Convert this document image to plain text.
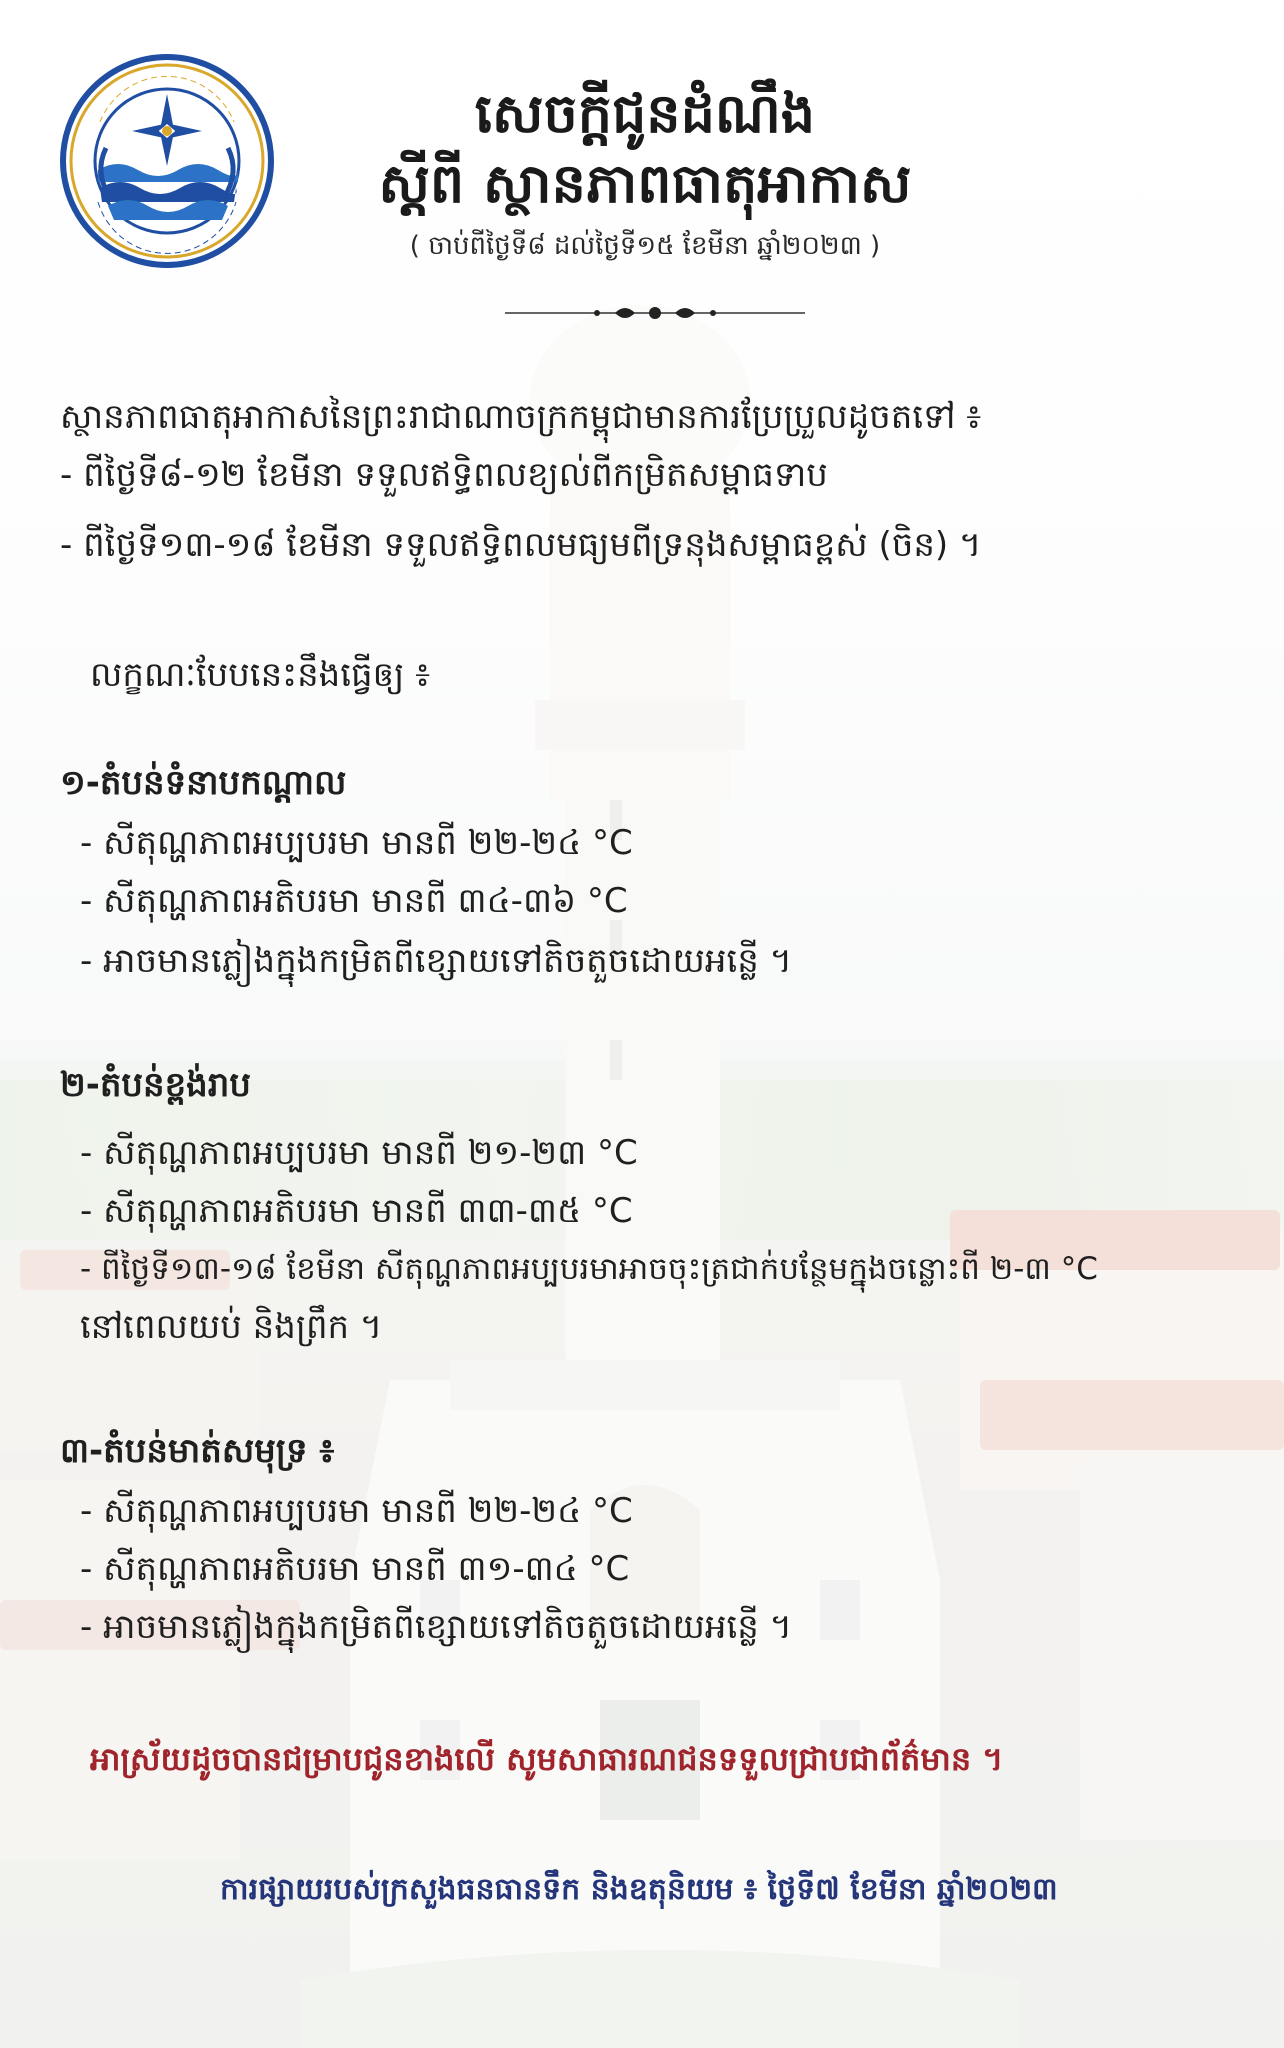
សេចក្តីជូនដំណឹង
ស្តីពី ស្ថានភាពធាតុអាកាស
( ចាប់ពីថ្ងៃទី៨ ដល់ថ្ងៃទី១៥ ខែមីនា ឆ្នាំ២០២៣ )
ស្ថានភាពធាតុអាកាសនៃព្រះរាជាណាចក្រកម្ពុជាមានការប្រែប្រួលដូចតទៅ ៖
- ពីថ្ងៃទី៨-១២ ខែមីនា ទទួលឥទ្ធិពលខ្យល់ពីកម្រិតសម្ពាធទាប
- ពីថ្ងៃទី១៣-១៨ ខែមីនា ទទួលឥទ្ធិពលមធ្យមពីទ្រនុងសម្ពាធខ្ពស់ (ចិន) ។
លក្ខណៈបែបនេះនឹងធ្វើឲ្យ ៖
១-តំបន់ទំនាបកណ្តាល
- សីតុណ្ហភាពអប្បបរមា មានពី ២២-២៤ °C
- សីតុណ្ហភាពអតិបរមា មានពី ៣៤-៣៦ °C
- អាចមានភ្លៀងក្នុងកម្រិតពីខ្សោយទៅតិចតួចដោយអន្លើ ។
២-តំបន់ខ្ពង់រាប
- សីតុណ្ហភាពអប្បបរមា មានពី ២១-២៣ °C
- សីតុណ្ហភាពអតិបរមា មានពី ៣៣-៣៥ °C
- ពីថ្ងៃទី១៣-១៨ ខែមីនា សីតុណ្ហភាពអប្បបរមាអាចចុះត្រជាក់បន្ថែមក្នុងចន្លោះពី ២-៣ °C
នៅពេលយប់ និងព្រឹក ។
៣-តំបន់មាត់សមុទ្រ ៖
- សីតុណ្ហភាពអប្បបរមា មានពី ២២-២៤ °C
- សីតុណ្ហភាពអតិបរមា មានពី ៣១-៣៤ °C
- អាចមានភ្លៀងក្នុងកម្រិតពីខ្សោយទៅតិចតួចដោយអន្លើ ។
អាស្រ័យដូចបានជម្រាបជូនខាងលើ សូមសាធារណជនទទួលជ្រាបជាព័ត៌មាន ។
ការផ្សាយរបស់ក្រសួងធនធានទឹក និងឧតុនិយម ៖ ថ្ងៃទី៧ ខែមីនា ឆ្នាំ២០២៣
